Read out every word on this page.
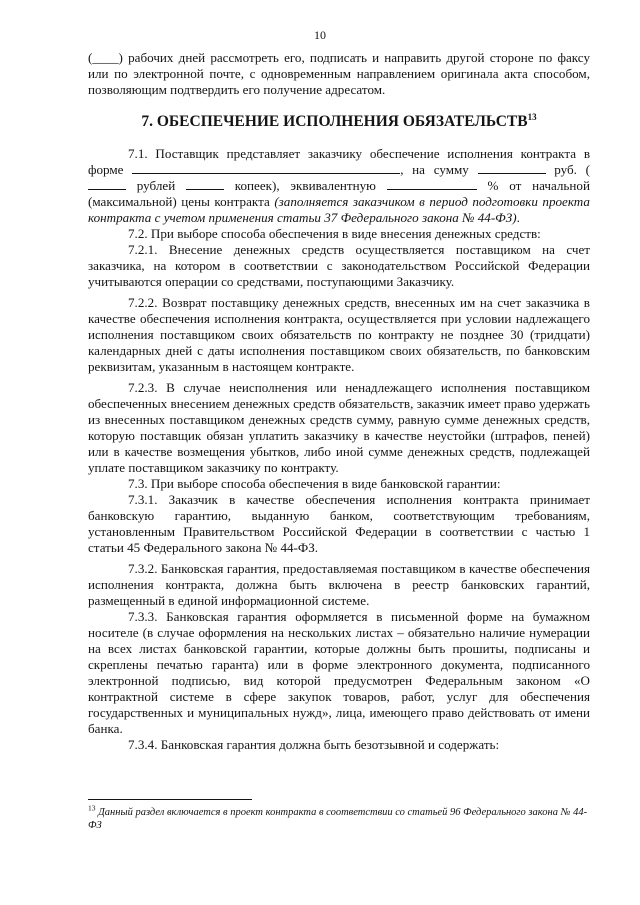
10

(____) рабочих дней рассмотреть его, подписать и направить другой стороне по факсу или по электронной почте, с одновременным направлением оригинала акта способом, позволяющим подтвердить его получение адресатом.

7. ОБЕСПЕЧЕНИЕ ИСПОЛНЕНИЯ ОБЯЗАТЕЛЬСТВ$^{13}$

7.1. Поставщик представляет заказчику обеспечение исполнения контракта в форме	, на сумму	руб. ( рублей	копеек), эквивалентную	% от начальной (максимальной) цены контракта (заполняется заказчиком в период подготовки проекта контракта с учетом применения статьи 37 Федерального закона № 44-ФЗ).

7.2. При выборе способа обеспечения в виде внесения денежных средств:

7.2.1. Внесение денежных средств осуществляется поставщиком на счет заказчика, на котором в соответствии с законодательством Российской Федерации учитываются операции со средствами, поступающими Заказчику.

7.2.2. Возврат поставщику денежных средств, внесенных им на счет заказчика в качестве обеспечения исполнения контракта, осуществляется при условии надлежащего исполнения поставщиком своих обязательств по контракту не позднее 30 (тридцати) календарных дней с даты исполнения поставщиком своих обязательств, по банковским реквизитам, указанным в настоящем контракте.

7.2.3. В случае неисполнения или ненадлежащего исполнения поставщиком обеспеченных внесением денежных средств обязательств, заказчик имеет право удержать из внесенных поставщиком денежных средств сумму, равную сумме денежных средств, которую поставщик обязан уплатить заказчику в качестве неустойки (штрафов, пеней) или в качестве возмещения убытков, либо иной сумме денежных средств, подлежащей уплате поставщиком заказчику по контракту.

7.3. При выборе способа обеспечения в виде банковской гарантии:

7.3.1. Заказчик в качестве обеспечения исполнения контракта принимает банковскую гарантию, выданную банком, соответствующим требованиям, установленным Правительством Российской Федерации в соответствии с частью 1 статьи 45 Федерального закона № 44-ФЗ.

7.3.2. Банковская гарантия, предоставляемая поставщиком в качестве обеспечения исполнения контракта, должна быть включена в реестр банковских гарантий, размещенный в единой информационной системе.

7.3.3. Банковская гарантия оформляется в письменной форме на бумажном носителе (в случае оформления на нескольких листах – обязательно наличие нумерации на всех листах банковской гарантии, которые должны быть прошиты, подписаны и скреплены печатью гаранта) или в форме электронного документа, подписанного электронной подписью, вид которой предусмотрен Федеральным законом «О контрактной системе в сфере закупок товаров, работ, услуг для обеспечения государственных и муниципальных нужд», лица, имеющего право действовать от имени банка.

7.3.4. Банковская гарантия должна быть безотзывной и содержать:

$^{13}$ Данный раздел включается в проект контракта в соответствии со статьей 96 Федерального закона № 44-ФЗ
